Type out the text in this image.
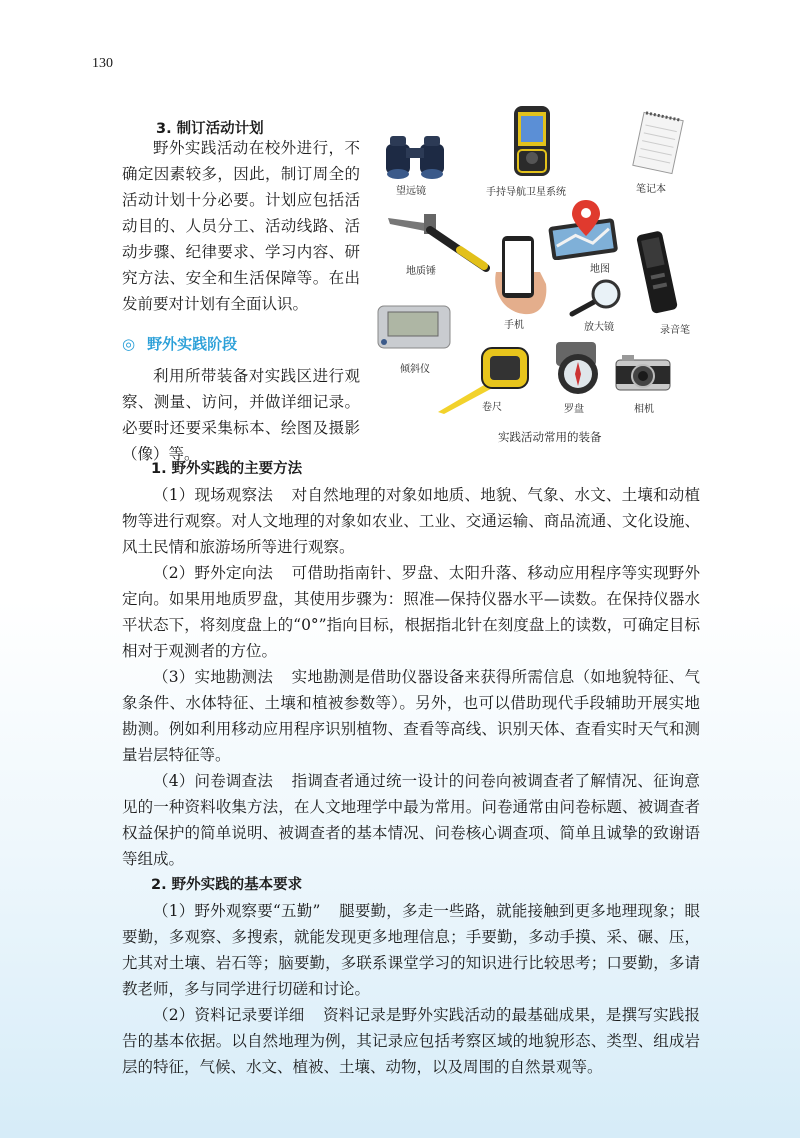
130
3. 制订活动计划

野外实践活动在校外进行，不确定因素较多，因此，制订周全的活动计划十分必要。计划应包括活动目的、人员分工、活动线路、活动步骤、纪律要求、学习内容、研究方法、安全和生活保障等。在出发前要对计划有全面认识。

◎ 野外实践阶段

利用所带装备对实践区进行观察、测量、访问，并做详细记录。必要时还要采集标本、绘图及摄影（像）等。

望远镜	手持导航卫星系统	笔记本
地质锤	地图
录音笔
手机	放大镜
倾斜仪
卷尺	罗盘	相机
实践活动常用的装备

1. 野外实践的主要方法

（1）现场观察法 对自然地理的对象如地质、地貌、气象、水文、土壤和动植物等进行观察。对人文地理的对象如农业、工业、交通运输、商品流通、文化设施、风土民情和旅游场所等进行观察。

（2）野外定向法 可借助指南针、罗盘、太阳升落、移动应用程序等实现野外定向。如果用地质罗盘，其使用步骤为：照准—保持仪器水平—读数。在保持仪器水平状态下，将刻度盘上的“0°”指向目标，根据指北针在刻度盘上的读数，可确定目标相对于观测者的方位。

（3）实地勘测法 实地勘测是借助仪器设备来获得所需信息（如地貌特征、气象条件、水体特征、土壤和植被参数等）。另外，也可以借助现代手段辅助开展实地勘测。例如利用移动应用程序识别植物、查看等高线、识别天体、查看实时天气和测量岩层特征等。

（4）问卷调查法 指调查者通过统一设计的问卷向被调查者了解情况、征询意见的一种资料收集方法，在人文地理学中最为常用。问卷通常由问卷标题、被调查者权益保护的简单说明、被调查者的基本情况、问卷核心调查项、简单且诚挚的致谢语等组成。

2. 野外实践的基本要求

（1）野外观察要“五勤” 腿要勤，多走一些路，就能接触到更多地理现象；眼要勤，多观察、多搜索，就能发现更多地理信息；手要勤，多动手摸、采、碾、压，尤其对土壤、岩石等；脑要勤，多联系课堂学习的知识进行比较思考；口要勤，多请教老师，多与同学进行切磋和讨论。

（2）资料记录要详细 资料记录是野外实践活动的最基础成果，是撰写实践报告的基本依据。以自然地理为例，其记录应包括考察区域的地貌形态、类型、组成岩层的特征，气候、水文、植被、土壤、动物，以及周围的自然景观等。
